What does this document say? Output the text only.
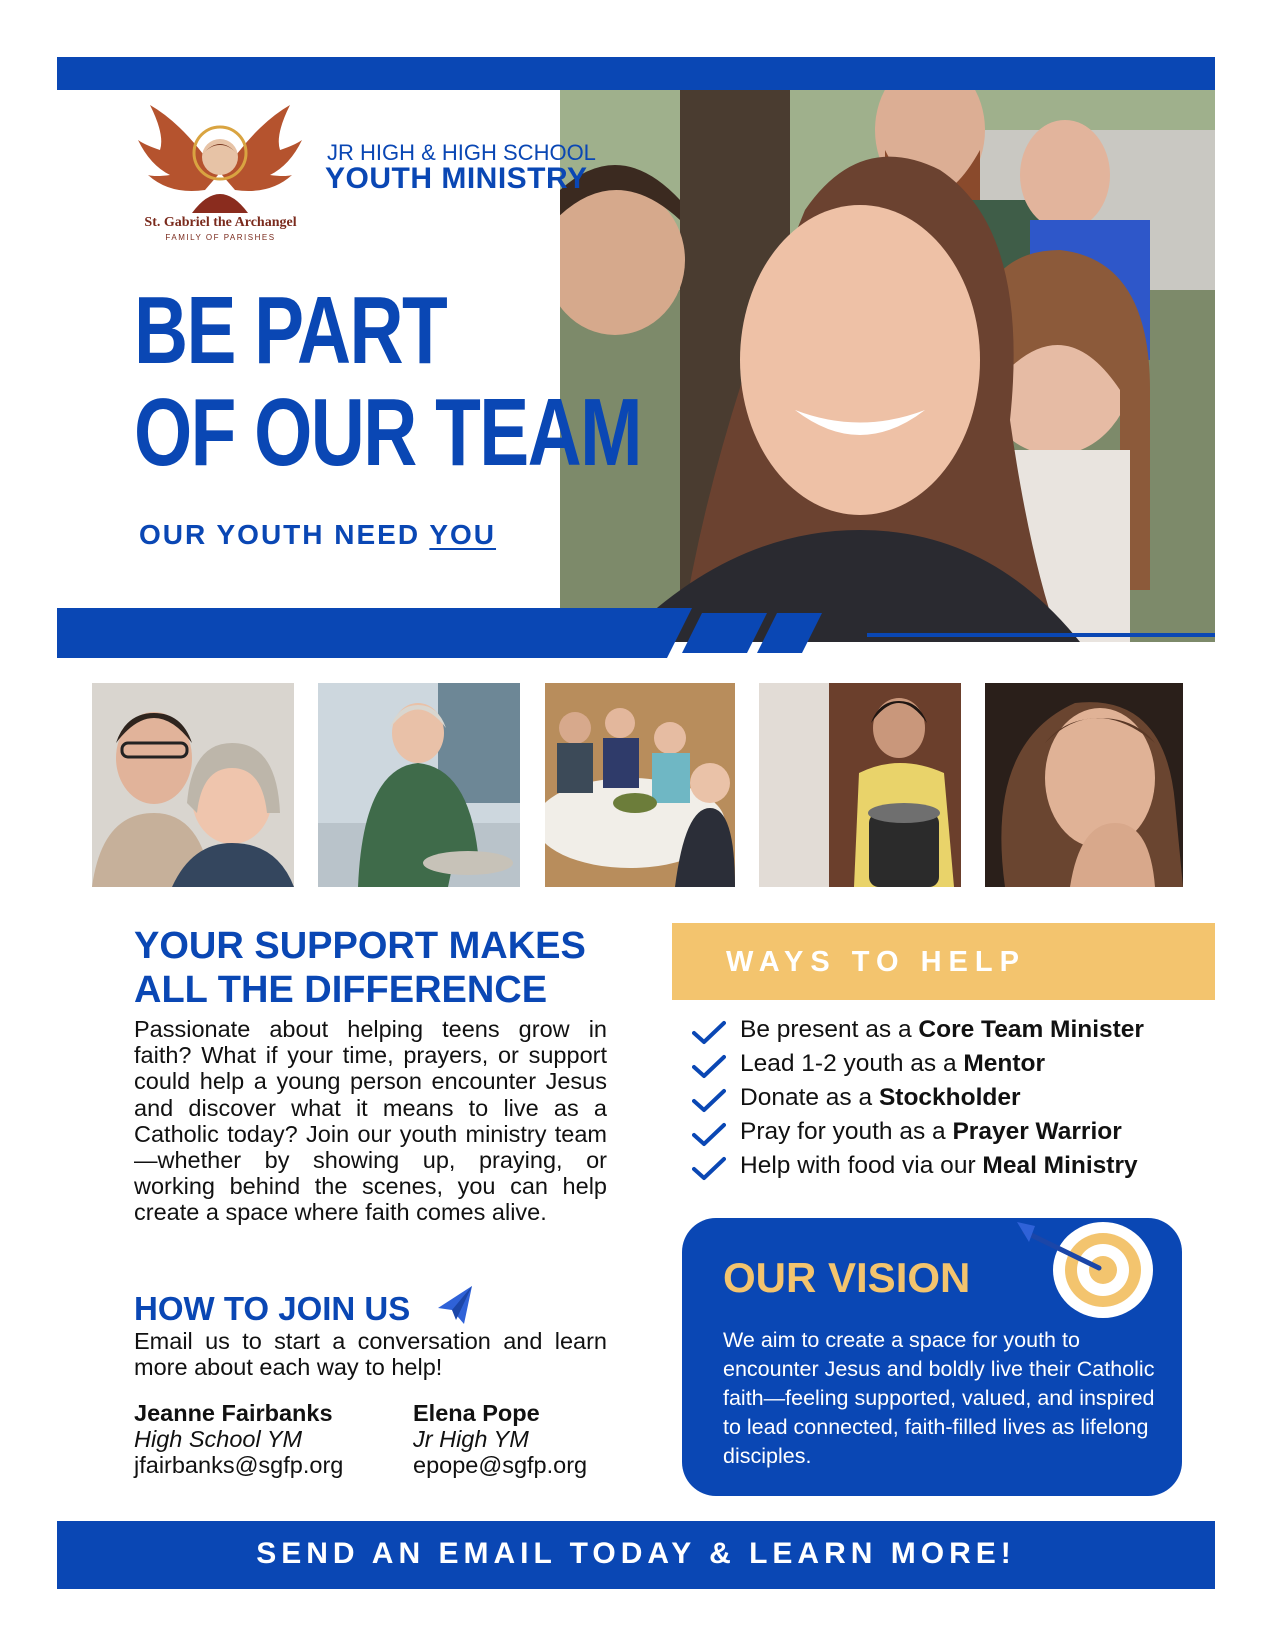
St. Gabriel the Archangel
FAMILY OF PARISHES
JR HIGH & HIGH SCHOOL
YOUTH MINISTRY
BE PART
OF OUR TEAM
OUR YOUTH NEED YOU
YOUR SUPPORT MAKES
ALL THE DIFFERENCE
Passionate about helping teens grow in faith? What if your time, prayers, or support could help a young person encounter Jesus and discover what it means to live as a Catholic today? Join our youth ministry team—whether by showing up, praying, or working behind the scenes, you can help create a space where faith comes alive.
HOW TO JOIN US
Email us to start a conversation and learn more about each way to help!
Jeanne Fairbanks
High School YM
jfairbanks@sgfp.org
Elena Pope
Jr High YM
epope@sgfp.org
WAYS TO HELP
Be present as a Core Team Minister
Lead 1-2 youth as a Mentor
Donate as a Stockholder
Pray for youth as a Prayer Warrior
Help with food via our Meal Ministry
OUR VISION
We aim to create a space for youth to encounter Jesus and boldly live their Catholic faith—feeling supported, valued, and inspired to lead connected, faith-filled lives as lifelong disciples.
SEND AN EMAIL TODAY & LEARN MORE!
